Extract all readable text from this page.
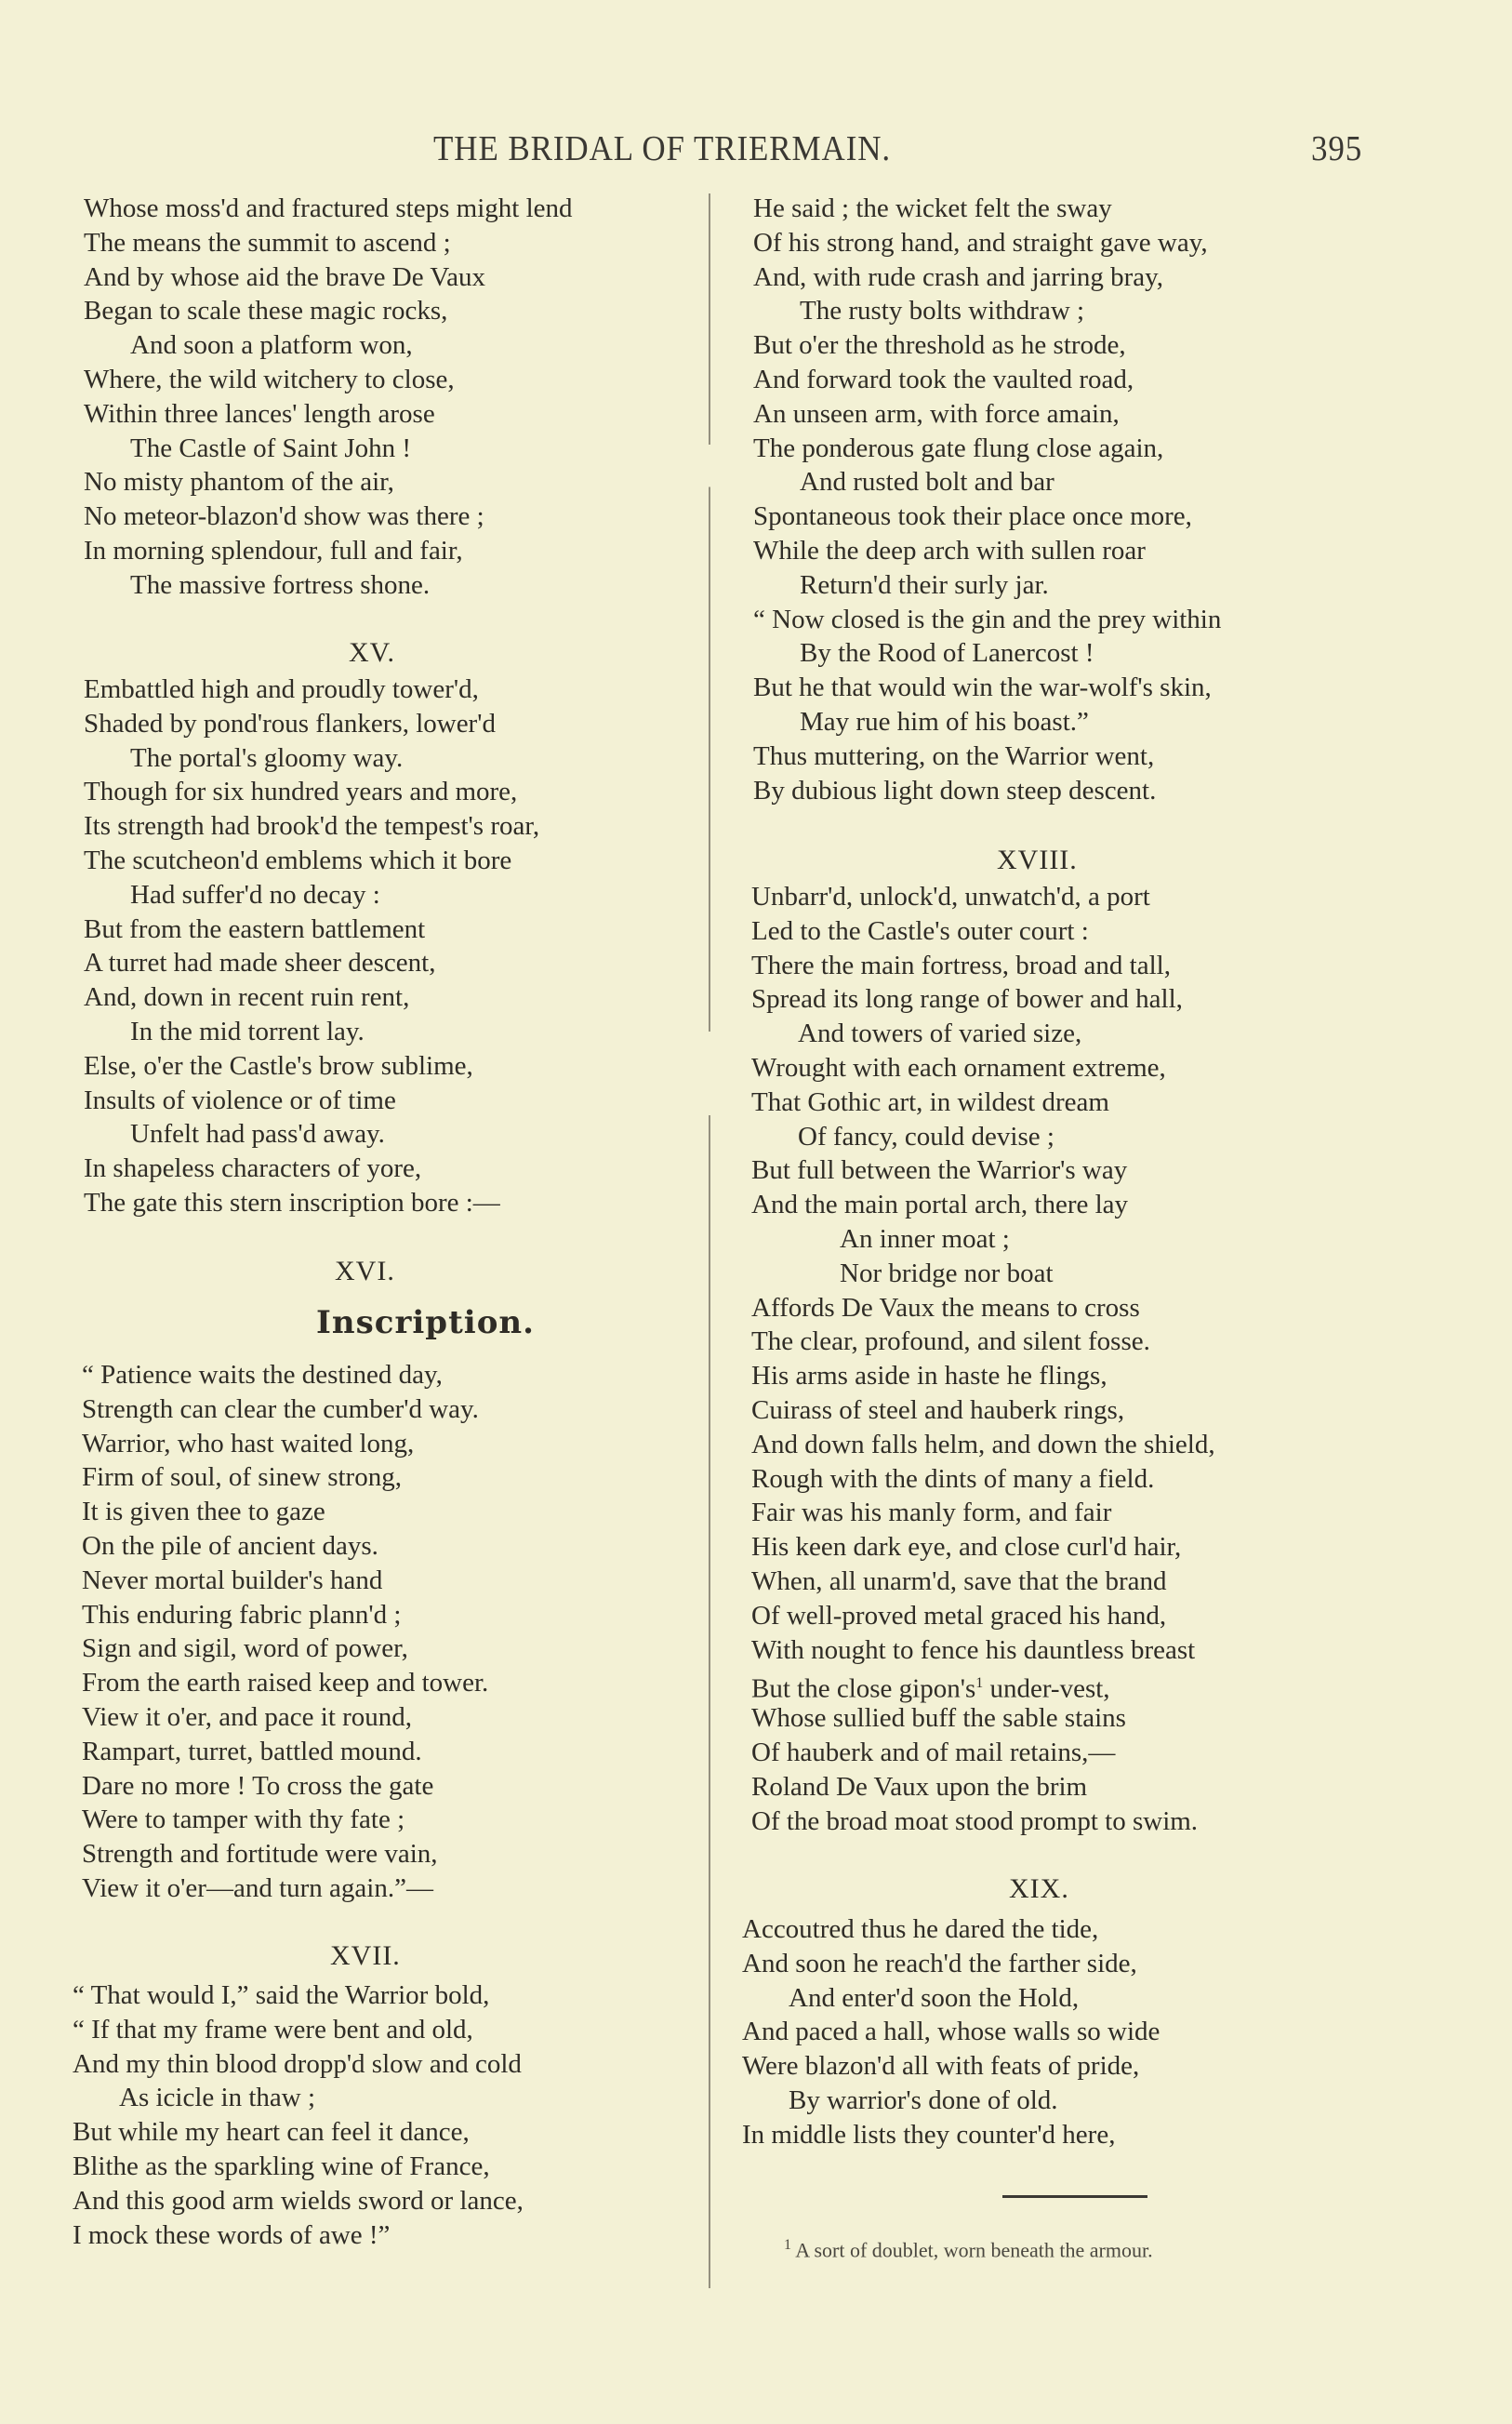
THE BRIDAL OF TRIERMAIN.	395
Whose moss'd and fractured steps might lend
The means the summit to ascend ;
And by whose aid the brave De Vaux
Began to scale these magic rocks,
And soon a platform won,
Where, the wild witchery to close,
Within three lances' length arose
The Castle of Saint John !
No misty phantom of the air,
No meteor-blazon'd show was there ;
In morning splendour, full and fair,
The massive fortress shone.
XV.
Embattled high and proudly tower'd,
Shaded by pond'rous flankers, lower'd
The portal's gloomy way.
Though for six hundred years and more,
Its strength had brook'd the tempest's roar,
The scutcheon'd emblems which it bore
Had suffer'd no decay :
But from the eastern battlement
A turret had made sheer descent,
And, down in recent ruin rent,
In the mid torrent lay.
Else, o'er the Castle's brow sublime,
Insults of violence or of time
Unfelt had pass'd away.
In shapeless characters of yore,
The gate this stern inscription bore :—
XVI.
Inscription.
“ Patience waits the destined day,
Strength can clear the cumber'd way.
Warrior, who hast waited long,
Firm of soul, of sinew strong,
It is given thee to gaze
On the pile of ancient days.
Never mortal builder's hand
This enduring fabric plann'd ;
Sign and sigil, word of power,
From the earth raised keep and tower.
View it o'er, and pace it round,
Rampart, turret, battled mound.
Dare no more ! To cross the gate
Were to tamper with thy fate ;
Strength and fortitude were vain,
View it o'er—and turn again.”—
XVII.
“ That would I,” said the Warrior bold,
“ If that my frame were bent and old,
And my thin blood dropp'd slow and cold
As icicle in thaw ;
But while my heart can feel it dance,
Blithe as the sparkling wine of France,
And this good arm wields sword or lance,
I mock these words of awe !”
He said ; the wicket felt the sway
Of his strong hand, and straight gave way,
And, with rude crash and jarring bray,
The rusty bolts withdraw ;
But o'er the threshold as he strode,
And forward took the vaulted road,
An unseen arm, with force amain,
The ponderous gate flung close again,
And rusted bolt and bar
Spontaneous took their place once more,
While the deep arch with sullen roar
Return'd their surly jar.
“ Now closed is the gin and the prey within
By the Rood of Lanercost !
But he that would win the war-wolf's skin,
May rue him of his boast.”
Thus muttering, on the Warrior went,
By dubious light down steep descent.
XVIII.
Unbarr'd, unlock'd, unwatch'd, a port
Led to the Castle's outer court :
There the main fortress, broad and tall,
Spread its long range of bower and hall,
And towers of varied size,
Wrought with each ornament extreme,
That Gothic art, in wildest dream
Of fancy, could devise ;
But full between the Warrior's way
And the main portal arch, there lay
An inner moat ;
Nor bridge nor boat
Affords De Vaux the means to cross
The clear, profound, and silent fosse.
His arms aside in haste he flings,
Cuirass of steel and hauberk rings,
And down falls helm, and down the shield,
Rough with the dints of many a field.
Fair was his manly form, and fair
His keen dark eye, and close curl'd hair,
When, all unarm'd, save that the brand
Of well-proved metal graced his hand,
With nought to fence his dauntless breast
But the close $gipon's^1$ under-vest,
Whose sullied buff the sable stains
Of hauberk and of mail retains,—
Roland De Vaux upon the brim
Of the broad moat stood prompt to swim.
XIX.
Accoutred thus he dared the tide,
And soon he reach'd the farther side,
And enter'd soon the Hold,
And paced a hall, whose walls so wide
Were blazon'd all with feats of pride,
By warrior's done of old.
In middle lists they counter'd here,
$^1$ A sort of doublet, worn beneath the armour.
